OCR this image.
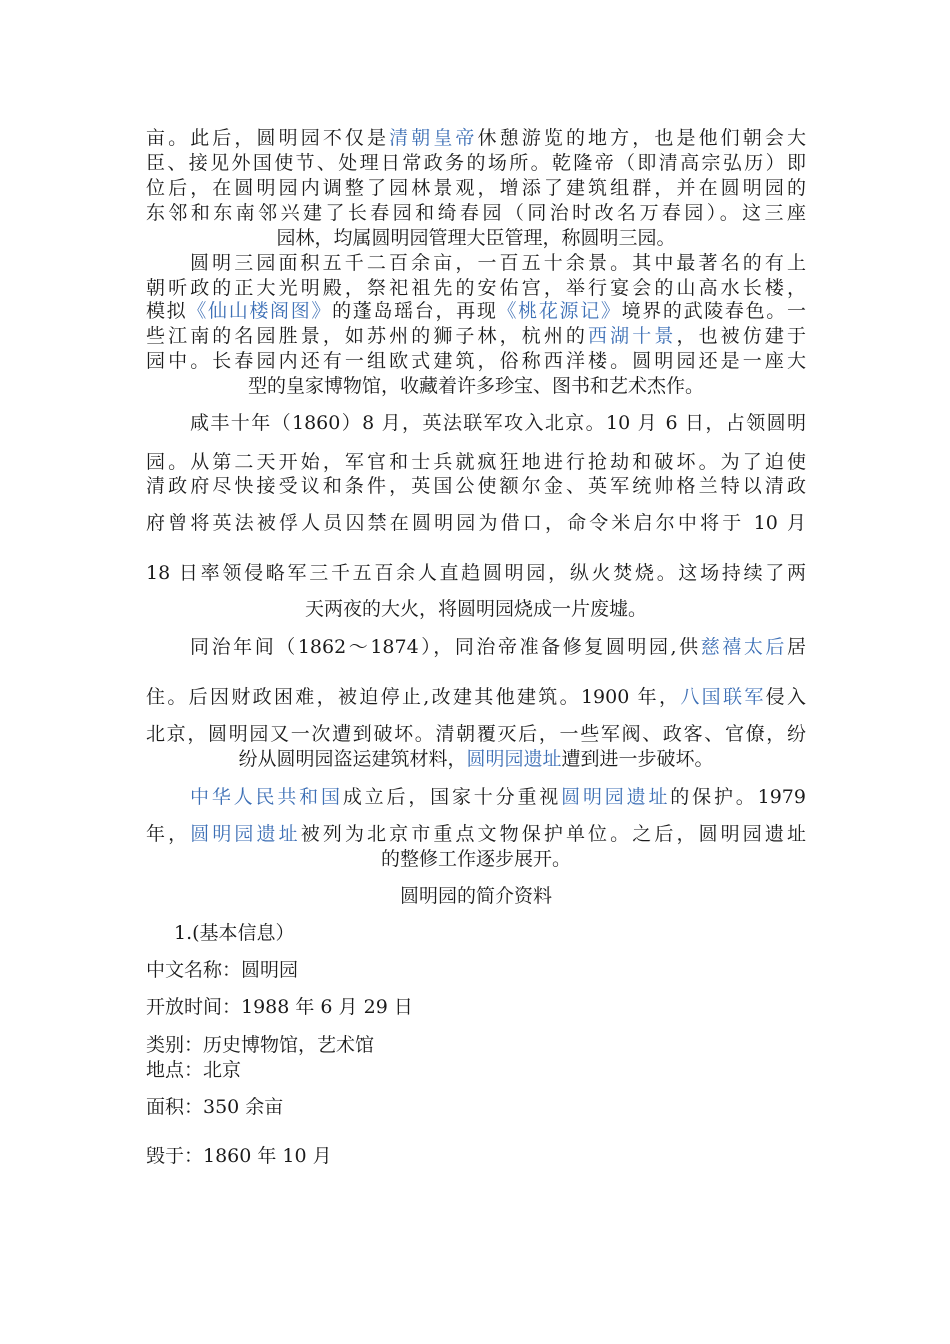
亩。此后，圆明园不仅是清朝皇帝休憩游览的地方，也是他们朝会大
臣、接见外国使节、处理日常政务的场所。乾隆帝（即清高宗弘历）即
位后，在圆明园内调整了园林景观，增添了建筑组群，并在圆明园的
东邻和东南邻兴建了长春园和绮春园（同治时改名万春园）。这三座
园林，均属圆明园管理大臣管理，称圆明三园。
圆明三园面积五千二百余亩，一百五十余景。其中最著名的有上
朝听政的正大光明殿，祭祀祖先的安佑宫，举行宴会的山高水长楼，
模拟《仙山楼阁图》的蓬岛瑶台，再现《桃花源记》境界的武陵春色。一
些江南的名园胜景，如苏州的狮子林，杭州的西湖十景，也被仿建于
园中。长春园内还有一组欧式建筑，俗称西洋楼。圆明园还是一座大
型的皇家博物馆，收藏着许多珍宝、图书和艺术杰作。
咸丰十年（1860）8 月，英法联军攻入北京。10 月 6 日，占领圆明
园。从第二天开始，军官和士兵就疯狂地进行抢劫和破坏。为了迫使
清政府尽快接受议和条件，英国公使额尔金、英军统帅格兰特以清政
府曾将英法被俘人员囚禁在圆明园为借口，命令米启尔中将于 10 月
18 日率领侵略军三千五百余人直趋圆明园，纵火焚烧。这场持续了两
天两夜的大火，将圆明园烧成一片废墟。
同治年间（1862～1874），同治帝准备修复圆明园,供慈禧太后居
住。后因财政困难，被迫停止,改建其他建筑。1900 年，八国联军侵入
北京，圆明园又一次遭到破坏。清朝覆灭后，一些军阀、政客、官僚，纷
纷从圆明园盗运建筑材料，圆明园遗址遭到进一步破坏。
中华人民共和国成立后，国家十分重视圆明园遗址的保护。1979
年，圆明园遗址被列为北京市重点文物保护单位。之后，圆明园遗址
的整修工作逐步展开。
圆明园的简介资料
1.(基本信息）
中文名称：圆明园
开放时间：1988 年 6 月 29 日
类别：历史博物馆，艺术馆
地点：北京
面积：350 余亩
毁于：1860 年 10 月
